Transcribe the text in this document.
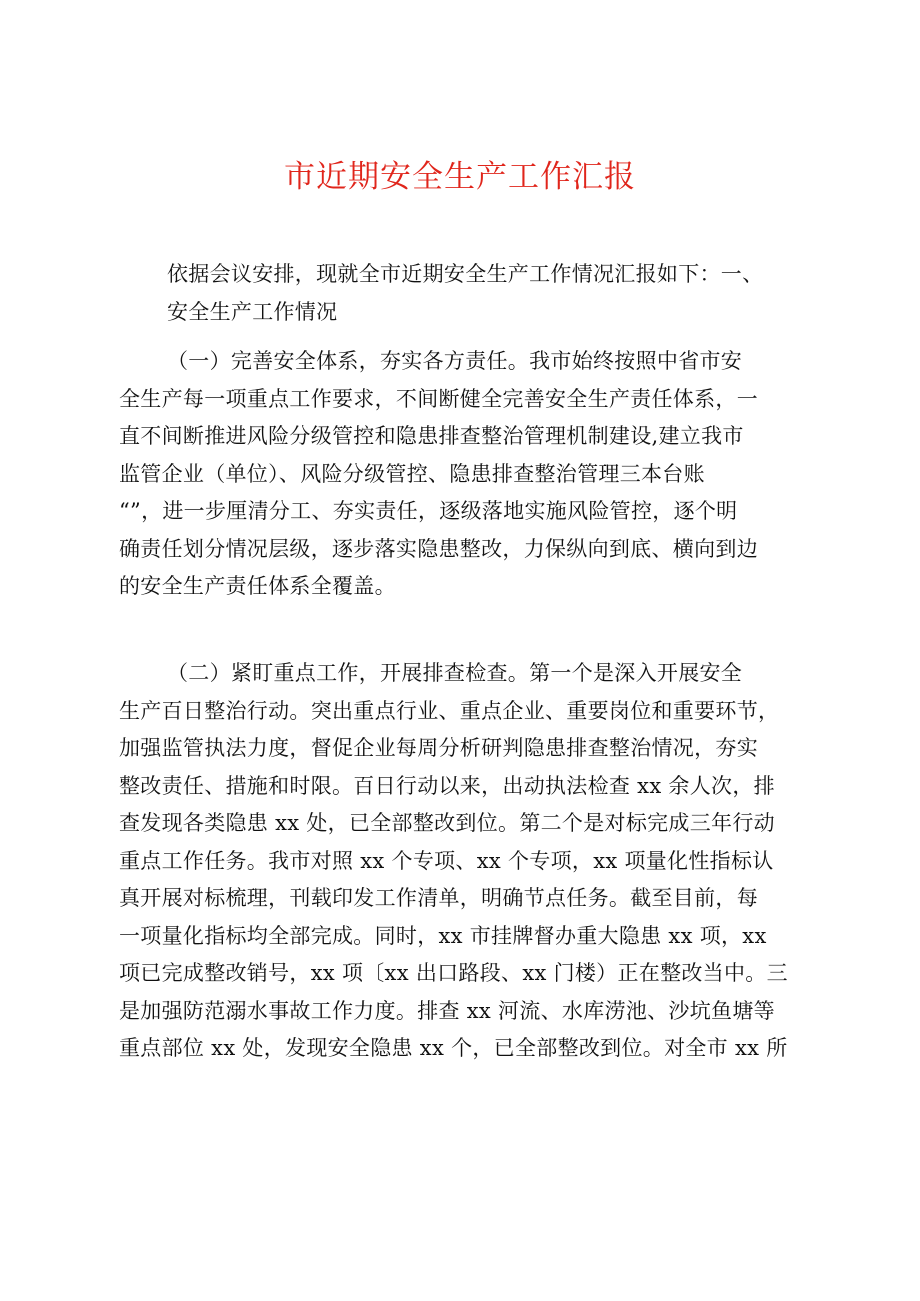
市近期安全生产工作汇报
依据会议安排，现就全市近期安全生产工作情况汇报如下：一、
安全生产工作情况
（一）完善安全体系，夯实各方责任。我市始终按照中省市安
全生产每一项重点工作要求，不间断健全完善安全生产责任体系，一
直不间断推进风险分级管控和隐患排查整治管理机制建设,建立我市
监管企业（单位）、风险分级管控、隐患排查整治管理三本台账
“”，进一步厘清分工、夯实责任，逐级落地实施风险管控，逐个明
确责任划分情况层级，逐步落实隐患整改，力保纵向到底、横向到边
的安全生产责任体系全覆盖。
（二）紧盯重点工作，开展排查检查。第一个是深入开展安全
生产百日整治行动。突出重点行业、重点企业、重要岗位和重要环节，
加强监管执法力度，督促企业每周分析研判隐患排查整治情况，夯实
整改责任、措施和时限。百日行动以来，出动执法检查 xx 余人次，排
查发现各类隐患 xx 处，已全部整改到位。第二个是对标完成三年行动
重点工作任务。我市对照 xx 个专项、xx 个专项，xx 项量化性指标认
真开展对标梳理，刊载印发工作清单，明确节点任务。截至目前，每
一项量化指标均全部完成。同时，xx 市挂牌督办重大隐患 xx 项，xx
项已完成整改销号，xx 项〔xx 出口路段、xx 门楼）正在整改当中。三
是加强防范溺水事故工作力度。排查 xx 河流、水库涝池、沙坑鱼塘等
重点部位 xx 处，发现安全隐患 xx 个，已全部整改到位。对全市 xx 所
